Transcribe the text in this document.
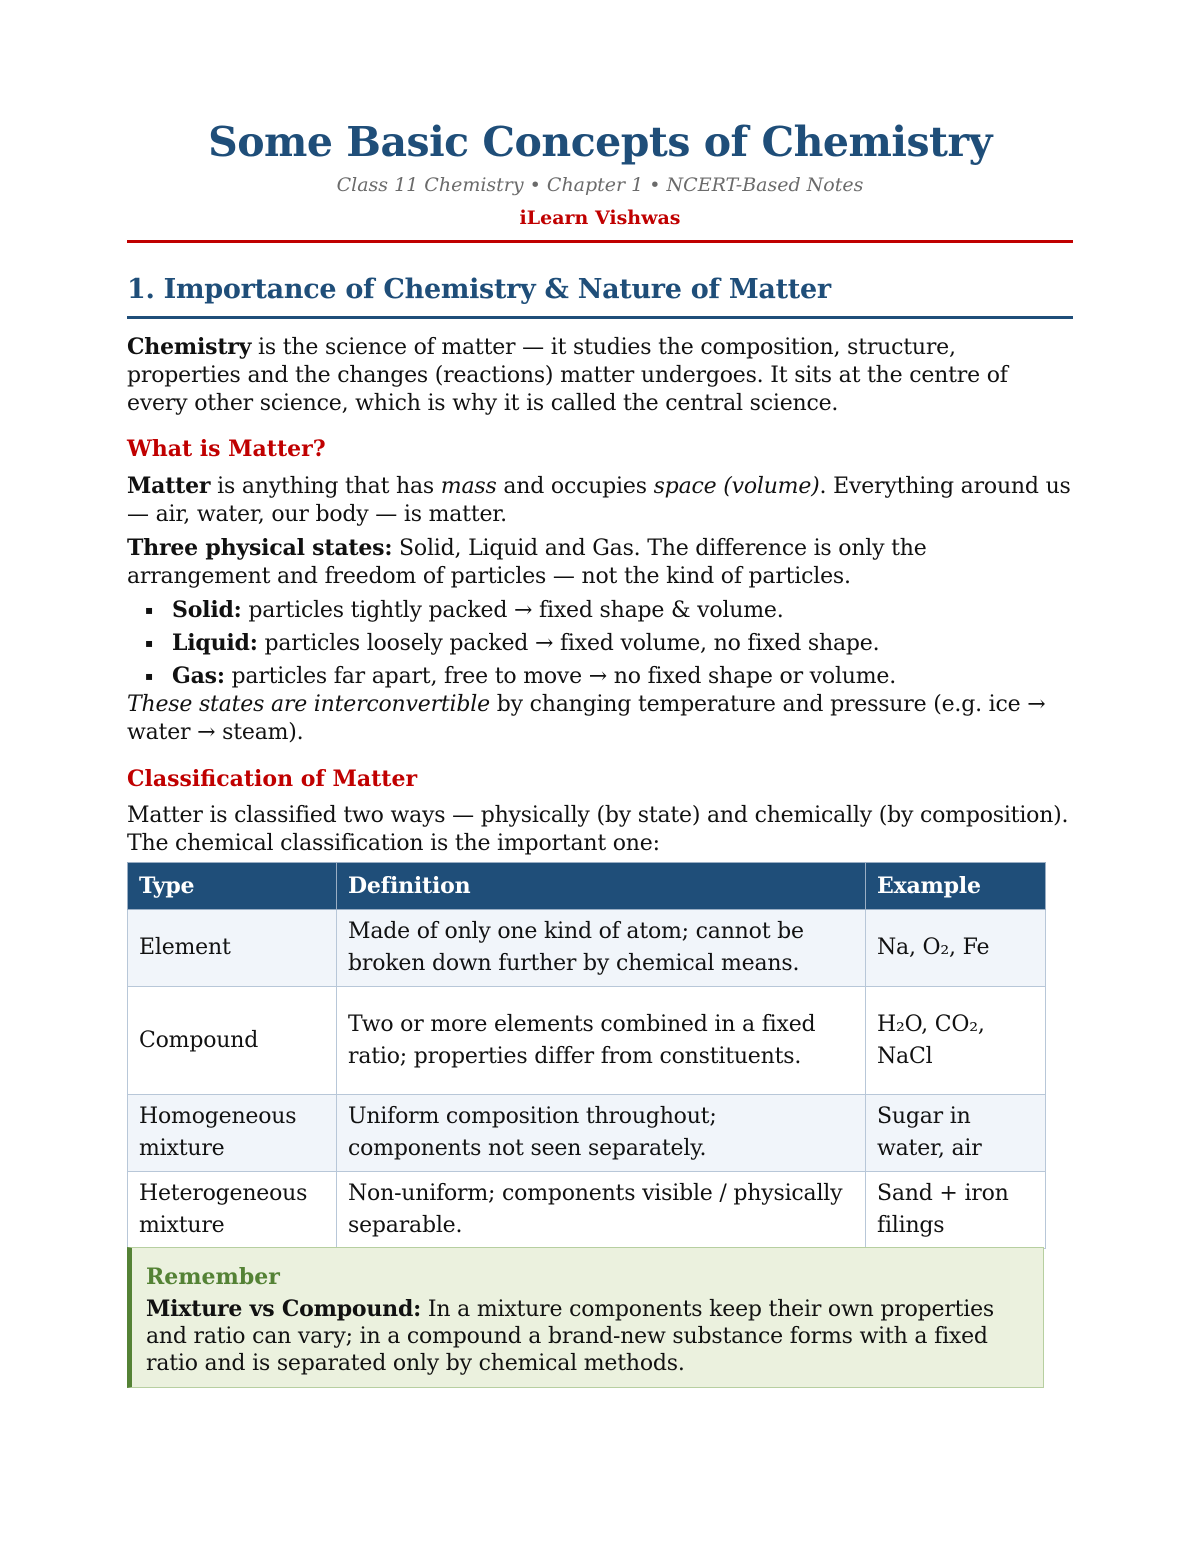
Some Basic Concepts of Chemistry
Class 11 Chemistry • Chapter 1 • NCERT-Based Notes
iLearn Vishwas
1. Importance of Chemistry & Nature of Matter
Chemistry is the science of matter — it studies the composition, structure, properties and the changes (reactions) matter undergoes. It sits at the centre of every other science, which is why it is called the central science.
What is Matter?
Matter is anything that has mass and occupies space (volume). Everything around us — air, water, our body — is matter.
Three physical states: Solid, Liquid and Gas. The difference is only the arrangement and freedom of particles — not the kind of particles.
▪ Solid: particles tightly packed → fixed shape & volume.
▪ Liquid: particles loosely packed → fixed volume, no fixed shape.
▪ Gas: particles far apart, free to move → no fixed shape or volume.
These states are interconvertible by changing temperature and pressure (e.g. ice → water → steam).
Classification of Matter
Matter is classified two ways — physically (by state) and chemically (by composition). The chemical classification is the important one:
Type	Definition	Example
Element	Made of only one kind of atom; cannot be broken down further by chemical means.	Na, O₂, Fe
Compound	Two or more elements combined in a fixed ratio; properties differ from constituents.	H₂O, CO₂, NaCl
Homogeneous mixture	Uniform composition throughout; components not seen separately.	Sugar in water, air
Heterogeneous mixture	Non-uniform; components visible / physically separable.	Sand + iron filings
Remember
Mixture vs Compound: In a mixture components keep their own properties and ratio can vary; in a compound a brand-new substance forms with a fixed ratio and is separated only by chemical methods.
